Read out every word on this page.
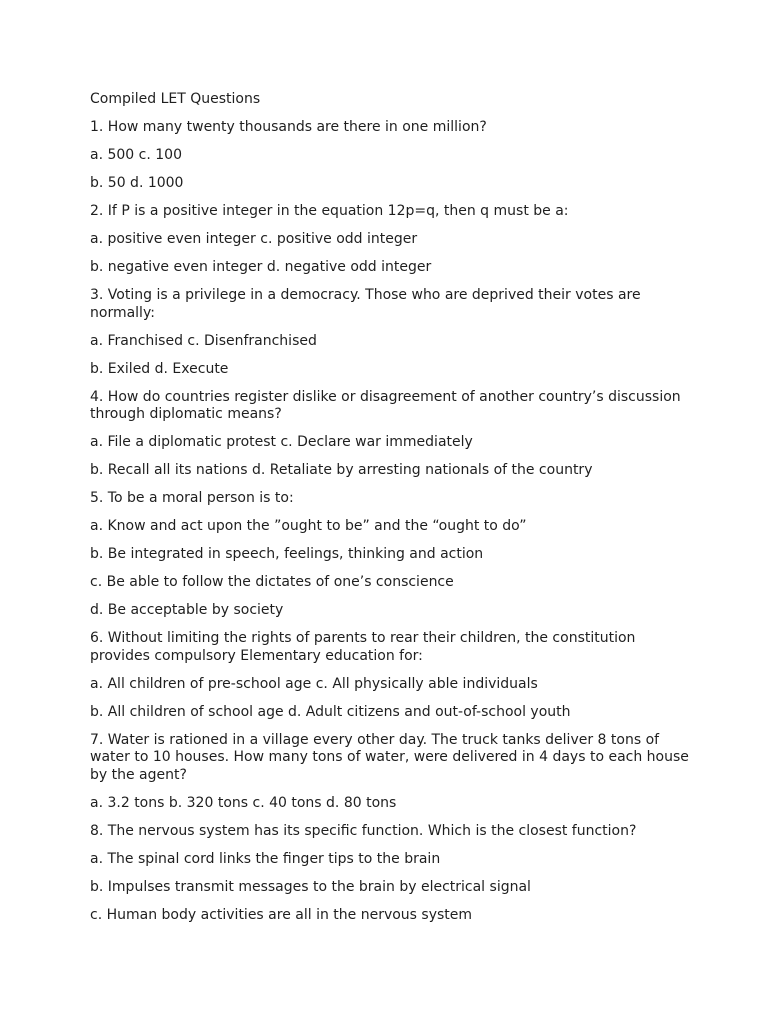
Compiled LET Questions

1. How many twenty thousands are there in one million?

a. 500 c. 100

b. 50 d. 1000

2. If P is a positive integer in the equation 12p=q, then q must be a:

a. positive even integer c. positive odd integer

b. negative even integer d. negative odd integer

3. Voting is a privilege in a democracy. Those who are deprived their votes are normally:

a. Franchised c. Disenfranchised

b. Exiled d. Execute

4. How do countries register dislike or disagreement of another country’s discussion through diplomatic means?

a. File a diplomatic protest c. Declare war immediately

b. Recall all its nations d. Retaliate by arresting nationals of the country

5. To be a moral person is to:

a. Know and act upon the ”ought to be” and the “ought to do”

b. Be integrated in speech, feelings, thinking and action

c. Be able to follow the dictates of one’s conscience

d. Be acceptable by society

6. Without limiting the rights of parents to rear their children, the constitution provides compulsory Elementary education for:

a. All children of pre-school age c. All physically able individuals

b. All children of school age d. Adult citizens and out-of-school youth

7. Water is rationed in a village every other day. The truck tanks deliver 8 tons of water to 10 houses. How many tons of water, were delivered in 4 days to each house by the agent?

a. 3.2 tons b. 320 tons c. 40 tons d. 80 tons

8. The nervous system has its specific function. Which is the closest function?

a. The spinal cord links the finger tips to the brain

b. Impulses transmit messages to the brain by electrical signal

c. Human body activities are all in the nervous system
